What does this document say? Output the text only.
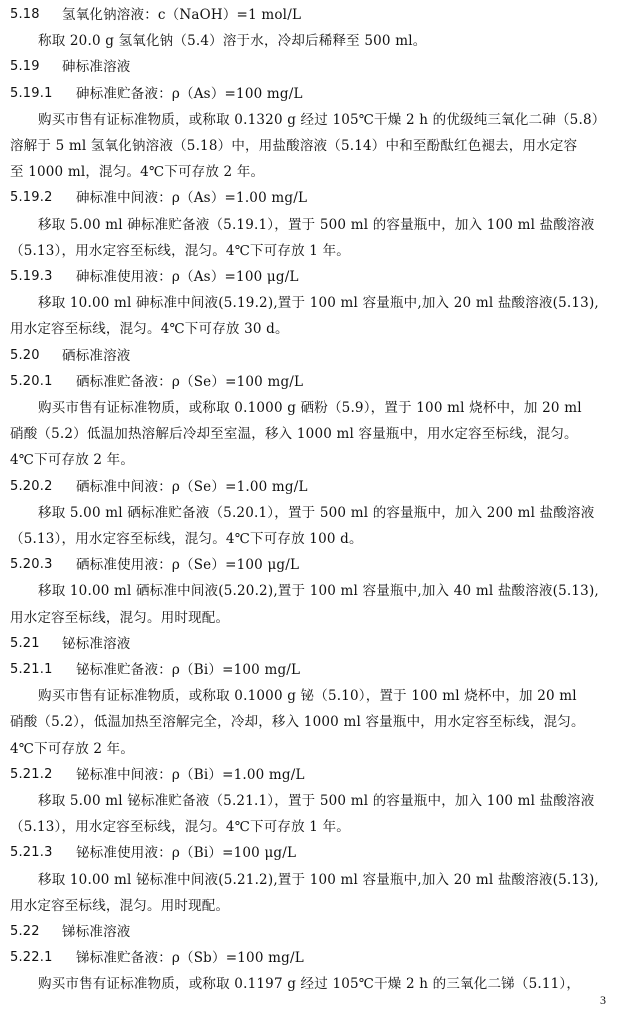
5.18 氢氧化钠溶液：c（NaOH）=1 mol/L
称取 20.0 g 氢氧化钠（5.4）溶于水，冷却后稀释至 500 ml。
5.19 砷标准溶液
5.19.1 砷标准贮备液：ρ（As）=100 mg/L
购买市售有证标准物质，或称取 0.1320 g 经过 105℃干燥 2 h 的优级纯三氧化二砷（5.8）
溶解于 5 ml 氢氧化钠溶液（5.18）中，用盐酸溶液（5.14）中和至酚酞红色褪去，用水定容
至 1000 ml，混匀。4℃下可存放 2 年。
5.19.2 砷标准中间液：ρ（As）=1.00 mg/L
移取 5.00 ml 砷标准贮备液（5.19.1），置于 500 ml 的容量瓶中，加入 100 ml 盐酸溶液
（5.13），用水定容至标线，混匀。4℃下可存放 1 年。
5.19.3 砷标准使用液：ρ（As）=100 μg/L
移取 10.00 ml 砷标准中间液(5.19.2),置于 100 ml 容量瓶中,加入 20 ml 盐酸溶液(5.13),
用水定容至标线，混匀。4℃下可存放 30 d。
5.20 硒标准溶液
5.20.1 硒标准贮备液：ρ（Se）=100 mg/L
购买市售有证标准物质，或称取 0.1000 g 硒粉（5.9），置于 100 ml 烧杯中，加 20 ml
硝酸（5.2）低温加热溶解后冷却至室温，移入 1000 ml 容量瓶中，用水定容至标线，混匀。
4℃下可存放 2 年。
5.20.2 硒标准中间液：ρ（Se）=1.00 mg/L
移取 5.00 ml 硒标准贮备液（5.20.1），置于 500 ml 的容量瓶中，加入 200 ml 盐酸溶液
（5.13），用水定容至标线，混匀。4℃下可存放 100 d。
5.20.3 硒标准使用液：ρ（Se）=100 μg/L
移取 10.00 ml 硒标准中间液(5.20.2),置于 100 ml 容量瓶中,加入 40 ml 盐酸溶液(5.13),
用水定容至标线，混匀。用时现配。
5.21 铋标准溶液
5.21.1 铋标准贮备液：ρ（Bi）=100 mg/L
购买市售有证标准物质，或称取 0.1000 g 铋（5.10），置于 100 ml 烧杯中，加 20 ml
硝酸（5.2），低温加热至溶解完全，冷却，移入 1000 ml 容量瓶中，用水定容至标线，混匀。
4℃下可存放 2 年。
5.21.2 铋标准中间液：ρ（Bi）=1.00 mg/L
移取 5.00 ml 铋标准贮备液（5.21.1），置于 500 ml 的容量瓶中，加入 100 ml 盐酸溶液
（5.13），用水定容至标线，混匀。4℃下可存放 1 年。
5.21.3 铋标准使用液：ρ（Bi）=100 μg/L
移取 10.00 ml 铋标准中间液(5.21.2),置于 100 ml 容量瓶中,加入 20 ml 盐酸溶液(5.13),
用水定容至标线，混匀。用时现配。
5.22 锑标准溶液
5.22.1 锑标准贮备液：ρ（Sb）=100 mg/L
购买市售有证标准物质，或称取 0.1197 g 经过 105℃干燥 2 h 的三氧化二锑（5.11），
3
